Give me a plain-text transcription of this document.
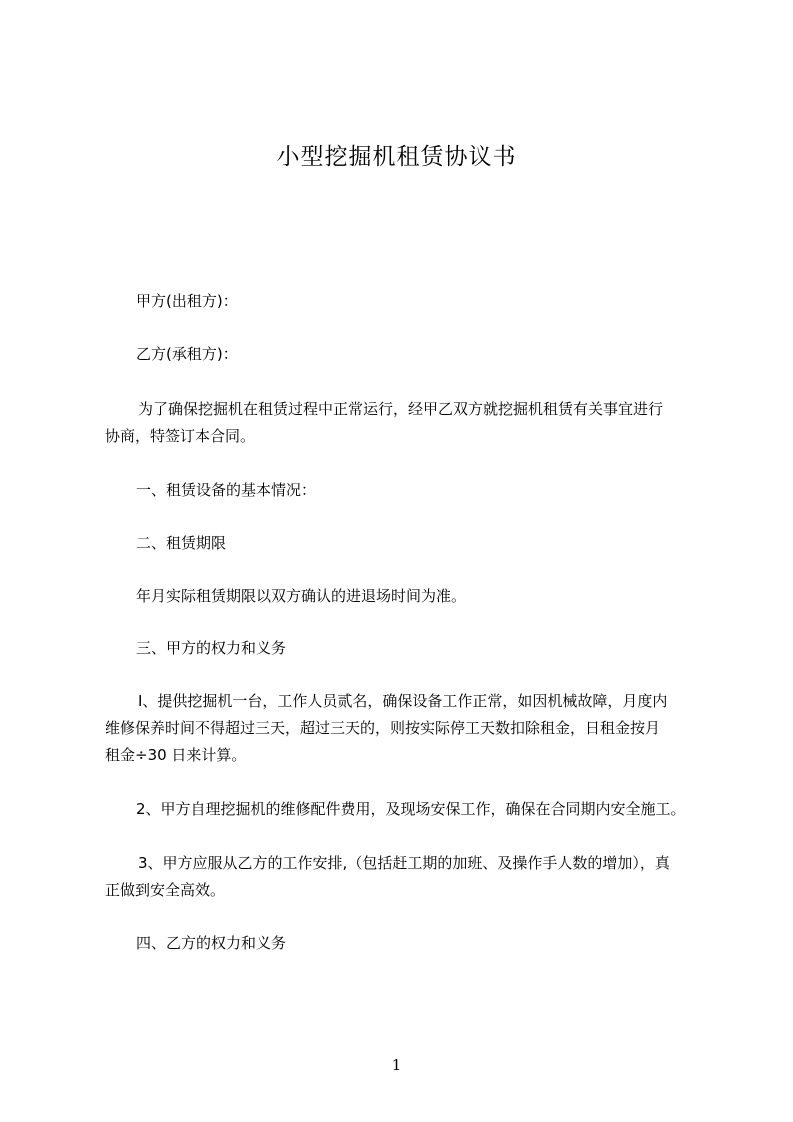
小型挖掘机租赁协议书
甲方(出租方)：
乙方(承租方)：
为了确保挖掘机在租赁过程中正常运行，经甲乙双方就挖掘机租赁有关事宜进行
协商，特签订本合同。
一、租赁设备的基本情况：
二、租赁期限
年月实际租赁期限以双方确认的进退场时间为准。
三、甲方的权力和义务
Ⅰ、提供挖掘机一台，工作人员贰名，确保设备工作正常，如因机械故障，月度内
维修保养时间不得超过三天，超过三天的，则按实际停工天数扣除租金，日租金按月
租金÷30 日来计算。
2、甲方自理挖掘机的维修配件费用，及现场安保工作，确保在合同期内安全施工。
3、甲方应服从乙方的工作安排,（包括赶工期的加班、及操作手人数的增加），真
正做到安全高效。
四、乙方的权力和义务
1
